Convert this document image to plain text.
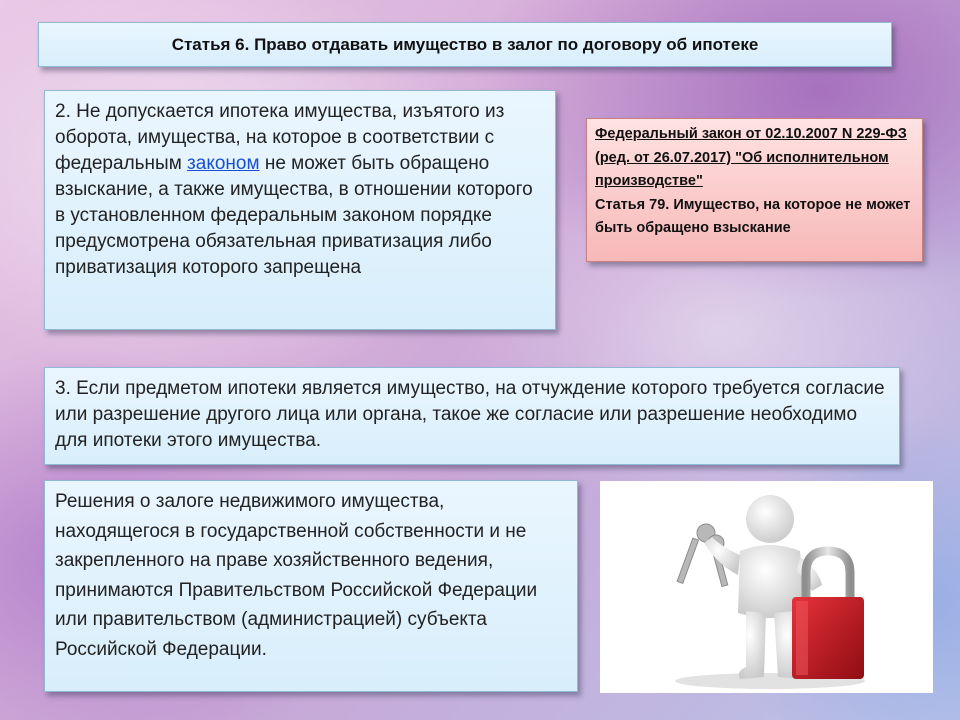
Статья 6. Право отдавать имущество в залог по договору об ипотеке
2. Не допускается ипотека имущества, изъятого из оборота, имущества, на которое в соответствии с федеральным законом не может быть обращено взыскание, а также имущества, в отношении которого в установленном федеральным законом порядке предусмотрена обязательная приватизация либо приватизация которого запрещена
Федеральный закон от 02.10.2007 N 229-ФЗ (ред. от 26.07.2017) "Об исполнительном производстве"
Статья 79. Имущество, на которое не может быть обращено взыскание
3. Если предметом ипотеки является имущество, на отчуждение которого требуется согласие или разрешение другого лица или органа, такое же согласие или разрешение необходимо для ипотеки этого имущества.
Решения о залоге недвижимого имущества, находящегося в государственной собственности и не закрепленного на праве хозяйственного ведения, принимаются Правительством Российской Федерации или правительством (администрацией) субъекта Российской Федерации.
